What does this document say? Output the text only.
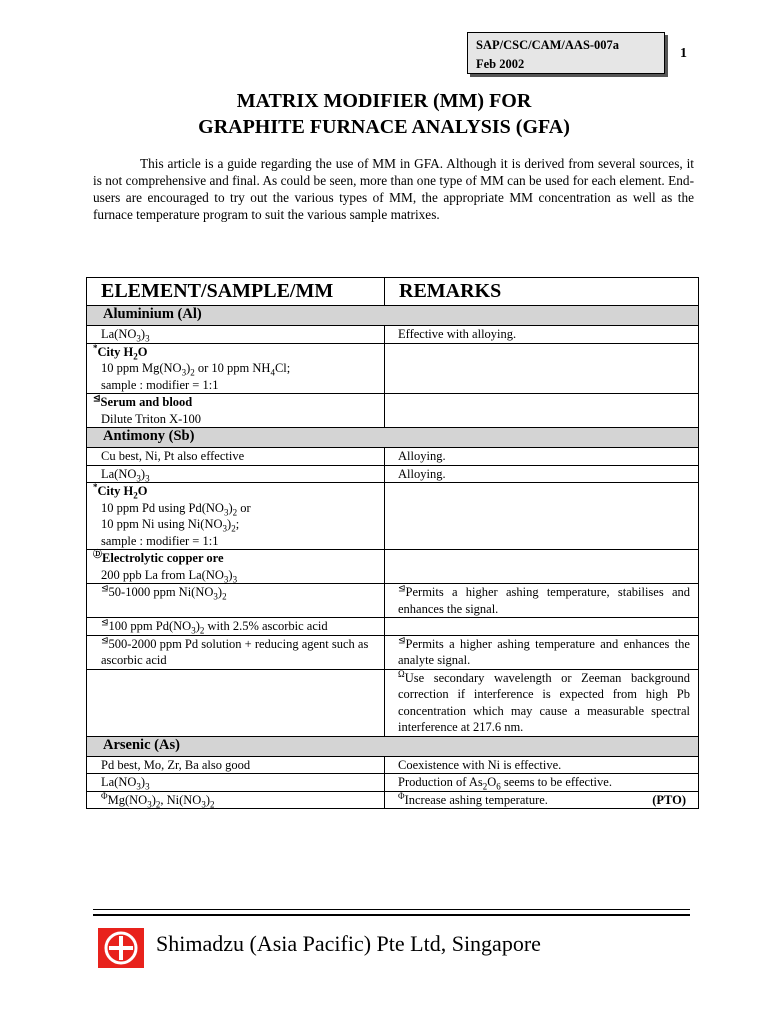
SAP/CSC/CAM/AAS-007a
Feb 2002
1
MATRIX MODIFIER (MM) FOR
GRAPHITE FURNACE ANALYSIS (GFA)

This article is a guide regarding the use of MM in GFA. Although it is derived from several sources, it is not comprehensive and final. As could be seen, more than one type of MM can be used for each element. End-users are encouraged to try out the various types of MM, the appropriate MM concentration as well as the furnace temperature program to suit the various sample matrixes.

ELEMENT/SAMPLE/MM	REMARKS
Aluminium (Al)	
$La(NO_3)_3$	Effective with alloying.

*City $H_2O$
10 ppm $Mg(NO_3)_2$ or 10 ppm $NH_4Cl$;
sample : modifier = 1:1	

⊴Serum and blood
Dilute Triton X-100	

Antimony (Sb)	
Cu best, Ni, Pt also effective	Alloying.
$La(NO_3)_3$	Alloying.

*City $H_2O$
10 ppm Pd using $Pd(NO_3)_2$ or
10 ppm Ni using $Ni(NO_3)_2$;
sample : modifier = 1:1	

ⒹElectrolytic copper ore
200 ppb La from $La(NO_3)_3$

⊴50-1000 ppm $Ni(NO_3)_2$	⊴Permits a higher ashing temperature, stabilises and enhances the signal.
⊴100 ppm $Pd(NO_3)_2$ with 2.5% ascorbic acid	
⊴500-2000 ppm Pd solution + reducing agent such as ascorbic acid	⊴Permits a higher ashing temperature and enhances the analyte signal.
	$^\Omega$Use secondary wavelength or Zeeman background correction if interference is expected from high Pb concentration which may cause a measurable spectral interference at 217.6 nm.
Arsenic (As)	
Pd best, Mo, Zr, Ba also good	Coexistence with Ni is effective.
$La(NO_3)_3$	Production of $As_2O_6$ seems to be effective.
$^\Phi Mg(NO_3)_2$, $Ni(NO_3)_2$	$^\Phi$Increase ashing temperature. (PTO)
Shimadzu (Asia Pacific) Pte Ltd, Singapore
